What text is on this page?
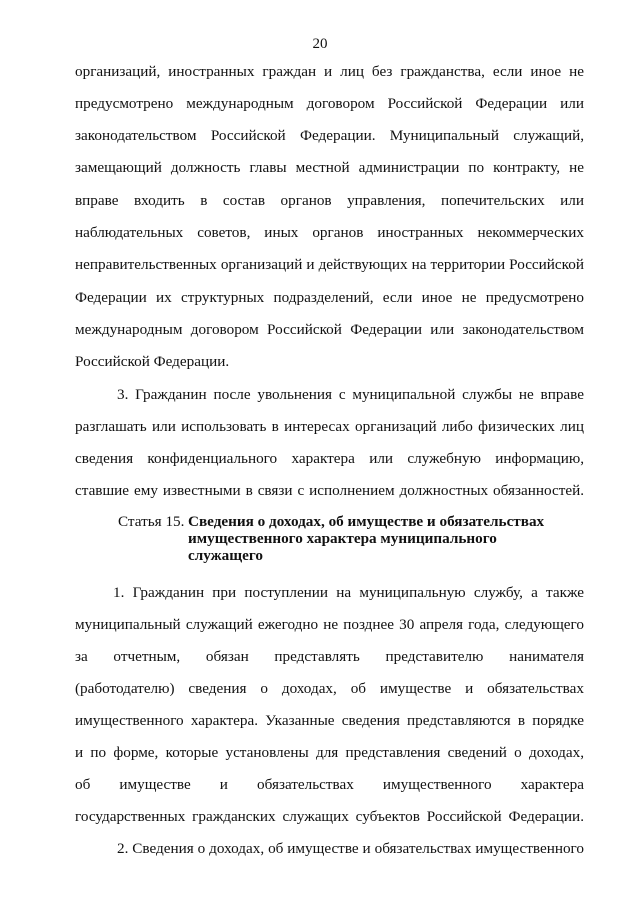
20
организаций, иностранных граждан и лиц без гражданства, если иное не
предусмотрено международным договором Российской Федерации или
законодательством Российской Федерации. Муниципальный служащий,
замещающий должность главы местной администрации по контракту, не
вправе входить в состав органов управления, попечительских или
наблюдательных советов, иных органов иностранных некоммерческих
неправительственных организаций и действующих на территории Российской
Федерации их структурных подразделений, если иное не предусмотрено
международным договором Российской Федерации или законодательством
Российской Федерации.
3. Гражданин после увольнения с муниципальной службы не вправе
разглашать или использовать в интересах организаций либо физических лиц
сведения конфиденциального характера или служебную информацию,
ставшие ему известными в связи с исполнением должностных обязанностей.
Статья 15. Сведения о доходах, об имуществе и обязательствах
имущественного характера муниципального
служащего
1. Гражданин при поступлении на муниципальную службу, а также
муниципальный служащий ежегодно не позднее 30 апреля года, следующего
за отчетным, обязан представлять представителю нанимателя
(работодателю) сведения о доходах, об имуществе и обязательствах
имущественного характера. Указанные сведения представляются в порядке
и по форме, которые установлены для представления сведений о доходах,
об имуществе и обязательствах имущественного характера
государственных гражданских служащих субъектов Российской Федерации.
2. Сведения о доходах, об имуществе и обязательствах имущественного
